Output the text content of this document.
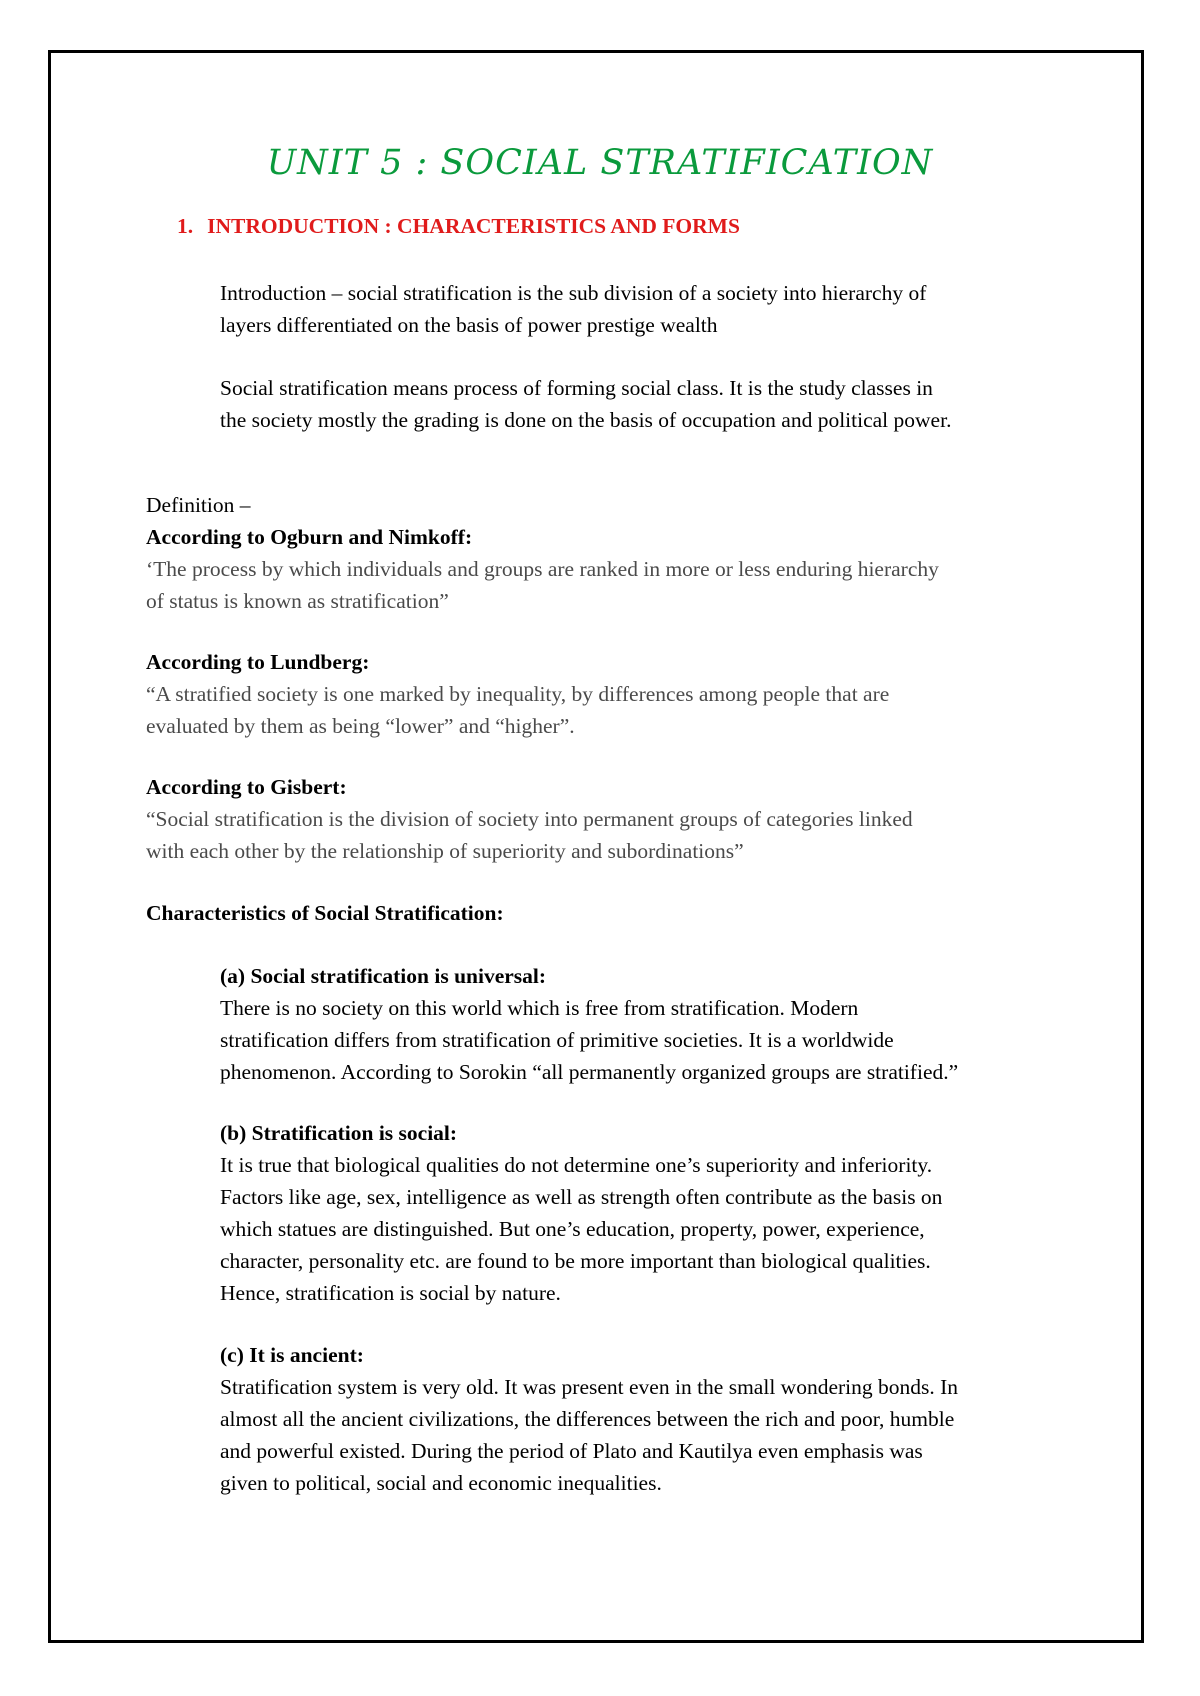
UNIT 5 : SOCIAL STRATIFICATION
1. INTRODUCTION : CHARACTERISTICS AND FORMS

Introduction – social stratification is the sub division of a society into hierarchy of
layers differentiated on the basis of power prestige wealth

Social stratification means process of forming social class. It is the study classes in
the society mostly the grading is done on the basis of occupation and political power.

Definition –

According to Ogburn and Nimkoff:
‘The process by which individuals and groups are ranked in more or less enduring hierarchy
of status is known as stratification”

According to Lundberg:
“A stratified society is one marked by inequality, by differences among people that are
evaluated by them as being “lower” and “higher”.

According to Gisbert:
“Social stratification is the division of society into permanent groups of categories linked
with each other by the relationship of superiority and subordinations”

Characteristics of Social Stratification:

(a) Social stratification is universal:
There is no society on this world which is free from stratification. Modern
stratification differs from stratification of primitive societies. It is a worldwide
phenomenon. According to Sorokin “all permanently organized groups are stratified.”

(b) Stratification is social:
It is true that biological qualities do not determine one’s superiority and inferiority.
Factors like age, sex, intelligence as well as strength often contribute as the basis on
which statues are distinguished. But one’s education, property, power, experience,
character, personality etc. are found to be more important than biological qualities.
Hence, stratification is social by nature.

(c) It is ancient:
Stratification system is very old. It was present even in the small wondering bonds. In
almost all the ancient civilizations, the differences between the rich and poor, humble
and powerful existed. During the period of Plato and Kautilya even emphasis was
given to political, social and economic inequalities.
